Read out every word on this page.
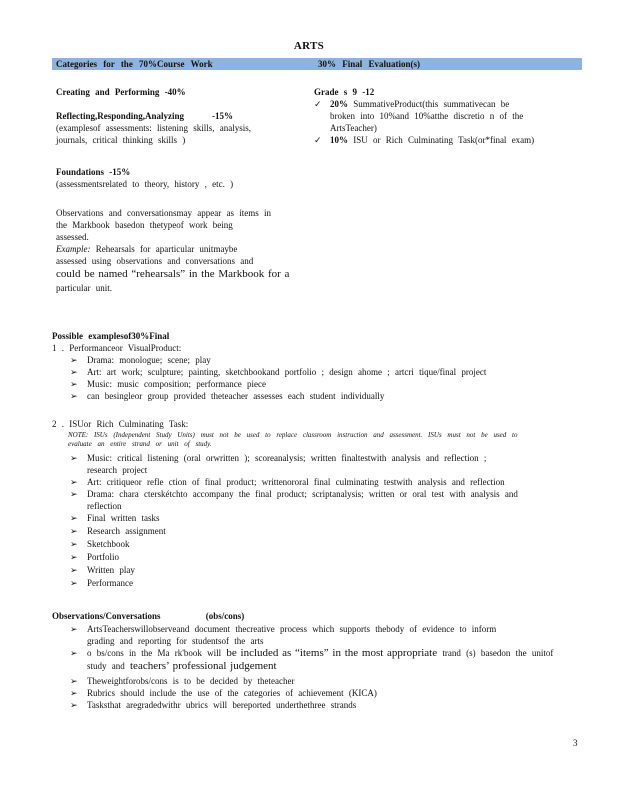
ARTS
Categories for the 70%Course Work	30% Final Evaluation(s)
Creating and Performing -40%
Reflecting,Responding,Analyzing	-15%
(examplesof assessments: listening skills, analysis,
journals, critical thinking skills )
Foundations -15%
(assessmentsrelated to theory, history , etc. )
Observations and conversationsmay appear as items in
the Markbook basedon thetypeof work being
assessed.
Example: Rehearsals for aparticular unitmaybe
assessed using observations and conversations and
could be named “rehearsals” in the Markbook for a
particular unit.
Grade s 9 -12
✓ 20% SummativeProduct(this summativecan be
broken into 10%and 10%atthe discretio n of the
ArtsTeacher)
✓ 10% ISU or Rich Culminating Task(or*final exam)
Possible examplesof30%Final
1 . Performanceor VisualProduct:
➢ Drama: monologue; scene; play
➢ Art: art work; sculpture; painting, sketchbookand portfolio ; design ahome ; artcri tique/final project
➢ Music: music composition; performance piece
➢ can besingleor group provided theteacher assesses each student individually
2 . ISUor Rich Culminating Task:
NOTE: ISUs (Independent Study Units) must not be used to replace classroom instruction and assessment. ISUs must not be used to
evaluate an entire strand or unit of study.
➢ Music: critical listening (oral orwritten ); scoreanalysis; written finaltestwith analysis and reflection ;
research project
➢ Art: critiqueor refle ction of final product; writtenororal final culminating testwith analysis and reflection
➢ Drama: chara cterskétchto accompany the final product; scriptanalysis; written or oral test with analysis and
reflection
➢ Final written tasks
➢ Research assignment
➢ Sketchbook
➢ Portfolio
➢ Written play
➢ Performance
Observations/Conversations	(obs/cons)
➢ ArtsTeacherswillobserveand document thecreative process which supports thebody of evidence to inform
grading and reporting for studentsof the arts
➢ o bs/cons in the Ma rk'book will be included as “items” in the most appropriate trand (s) basedon the unitof
study and teachers’ professional judgement
➢ Theweightforobs/cons is to be decided by theteacher
➢ Rubrics should include the use of the categories of achievement (KICA)
➢ Tasksthat aregradedwithr ubrics will bereported underthethree strands
3
